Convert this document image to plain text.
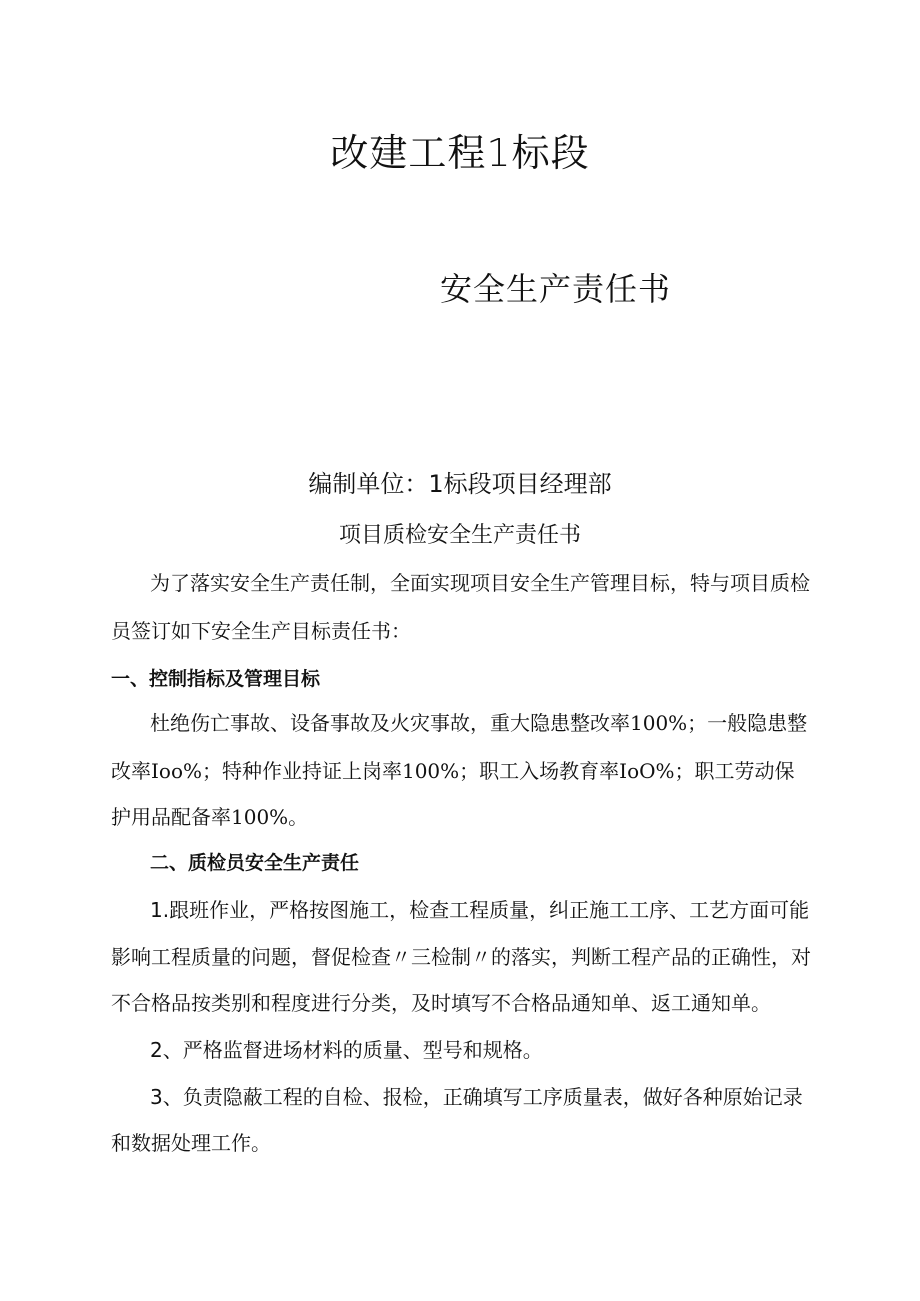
改建工程1标段
安全生产责任书
编制单位：1标段项目经理部
项目质检安全生产责任书
为了落实安全生产责任制，全面实现项目安全生产管理目标，特与项目质检
员签订如下安全生产目标责任书：
一、控制指标及管理目标
杜绝伤亡事故、设备事故及火灾事故，重大隐患整改率100%；一般隐患整
改率Ioo%；特种作业持证上岗率100%；职工入场教育率IoO%；职工劳动保
护用品配备率100%。
二、质检员安全生产责任
1.跟班作业，严格按图施工，检查工程质量，纠正施工工序、工艺方面可能
影响工程质量的问题，督促检查〃三检制〃的落实，判断工程产品的正确性，对
不合格品按类别和程度进行分类，及时填写不合格品通知单、返工通知单。
2、严格监督进场材料的质量、型号和规格。
3、负责隐蔽工程的自检、报检，正确填写工序质量表，做好各种原始记录
和数据处理工作。
